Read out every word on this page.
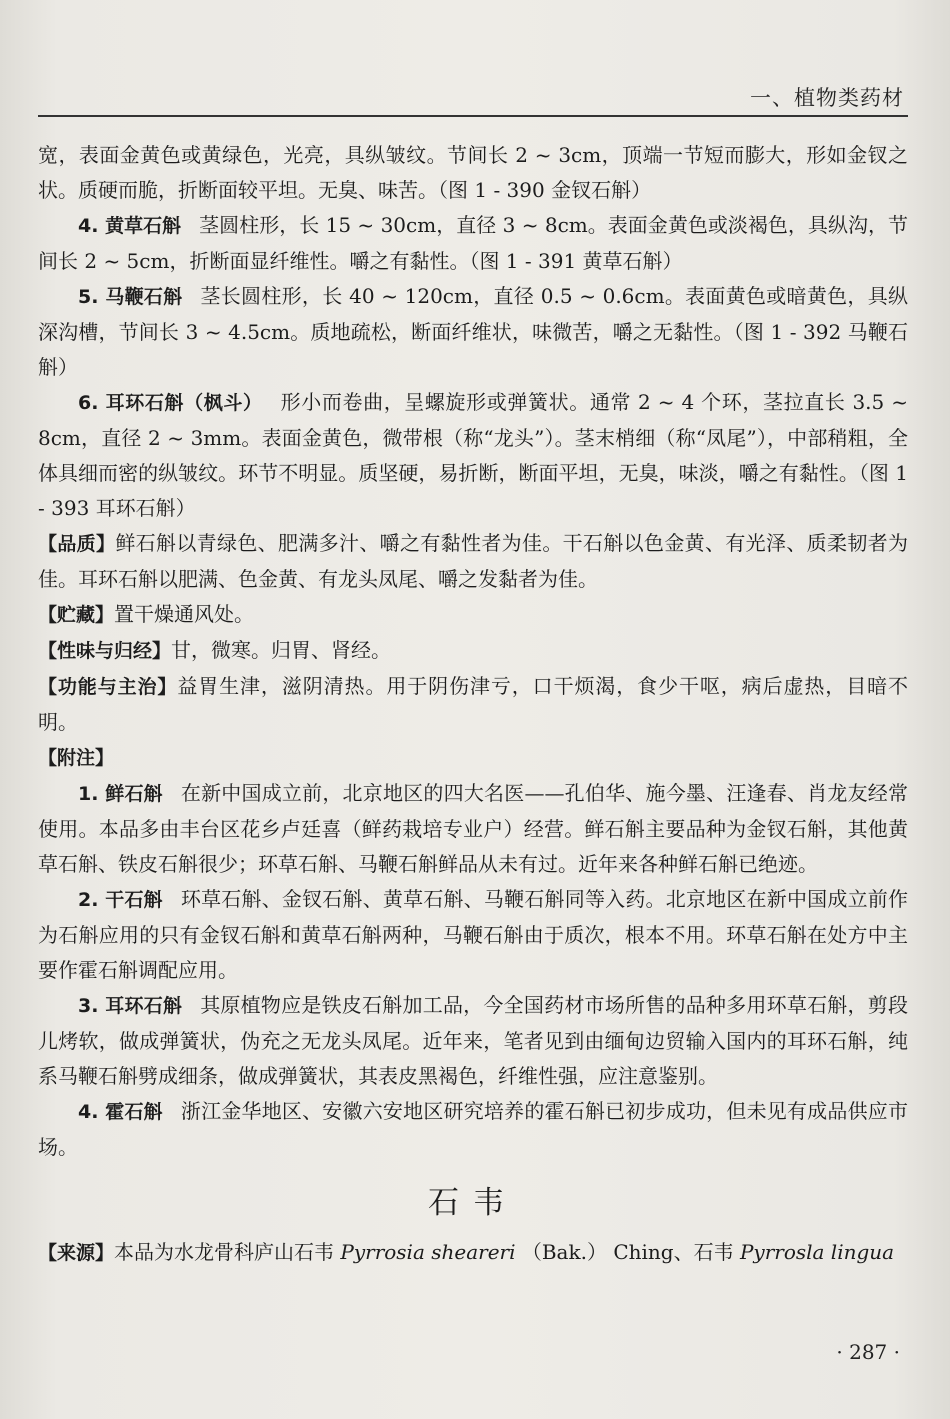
一、植物类药材

宽，表面金黄色或黄绿色，光亮，具纵皱纹。节间长 2 ~ 3cm，顶端一节短而膨大，形如金钗之状。质硬而脆，折断面较平坦。无臭、味苦。（图 1 - 390 金钗石斛）

4. 黄草石斛 茎圆柱形，长 15 ~ 30cm，直径 3 ~ 8cm。表面金黄色或淡褐色，具纵沟，节间长 2 ~ 5cm，折断面显纤维性。嚼之有黏性。（图 1 - 391 黄草石斛）

5. 马鞭石斛 茎长圆柱形，长 40 ~ 120cm，直径 0.5 ~ 0.6cm。表面黄色或暗黄色，具纵深沟槽，节间长 3 ~ 4.5cm。质地疏松，断面纤维状，味微苦，嚼之无黏性。（图 1 - 392 马鞭石斛）

6. 耳环石斛（枫斗） 形小而卷曲，呈螺旋形或弹簧状。通常 2 ~ 4 个环，茎拉直长 3.5 ~ 8cm，直径 2 ~ 3mm。表面金黄色，微带根（称“龙头”）。茎末梢细（称“凤尾”），中部稍粗，全体具细而密的纵皱纹。环节不明显。质坚硬，易折断，断面平坦，无臭，味淡，嚼之有黏性。（图 1 - 393 耳环石斛）

【品质】鲜石斛以青绿色、肥满多汁、嚼之有黏性者为佳。干石斛以色金黄、有光泽、质柔韧者为佳。耳环石斛以肥满、色金黄、有龙头凤尾、嚼之发黏者为佳。

【贮藏】置干燥通风处。

【性味与归经】甘，微寒。归胃、肾经。

【功能与主治】益胃生津，滋阴清热。用于阴伤津亏，口干烦渴，食少干呕，病后虚热，目暗不明。

【附注】

1. 鲜石斛 在新中国成立前，北京地区的四大名医——孔伯华、施今墨、汪逢春、肖龙友经常使用。本品多由丰台区花乡卢廷喜（鲜药栽培专业户）经营。鲜石斛主要品种为金钗石斛，其他黄草石斛、铁皮石斛很少；环草石斛、马鞭石斛鲜品从未有过。近年来各种鲜石斛已绝迹。

2. 干石斛 环草石斛、金钗石斛、黄草石斛、马鞭石斛同等入药。北京地区在新中国成立前作为石斛应用的只有金钗石斛和黄草石斛两种，马鞭石斛由于质次，根本不用。环草石斛在处方中主要作霍石斛调配应用。

3. 耳环石斛 其原植物应是铁皮石斛加工品，今全国药材市场所售的品种多用环草石斛，剪段儿烤软，做成弹簧状，伪充之无龙头凤尾。近年来，笔者见到由缅甸边贸输入国内的耳环石斛，纯系马鞭石斛劈成细条，做成弹簧状，其表皮黑褐色，纤维性强，应注意鉴别。

4. 霍石斛 浙江金华地区、安徽六安地区研究培养的霍石斛已初步成功，但未见有成品供应市场。

石韦

【来源】本品为水龙骨科庐山石韦 Pyrrosia sheareri （Bak.） Ching、石韦 Pyrrosla lingua

· 287 ·
